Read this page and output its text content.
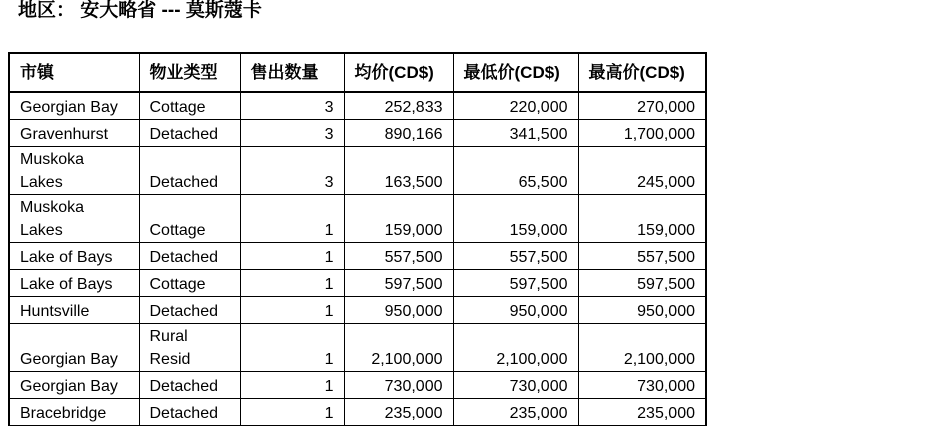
地区： 安大略省 --- 莫斯蔻卡
市镇	物业类型	售出数量	均价(CD$)	最低价(CD$)	最高价(CD$)
Georgian Bay	Cottage	3	252,833	220,000	270,000
Gravenhurst	Detached	3	890,166	341,500	1,700,000
Muskoka Lakes	Detached	3	163,500	65,500	245,000
Muskoka Lakes	Cottage	1	159,000	159,000	159,000
Lake of Bays	Detached	1	557,500	557,500	557,500
Lake of Bays	Cottage	1	597,500	597,500	597,500
Huntsville	Detached	1	950,000	950,000	950,000
Georgian Bay	Rural Resid	1	2,100,000	2,100,000	2,100,000
Georgian Bay	Detached	1	730,000	730,000	730,000
Bracebridge	Detached	1	235,000	235,000	235,000
